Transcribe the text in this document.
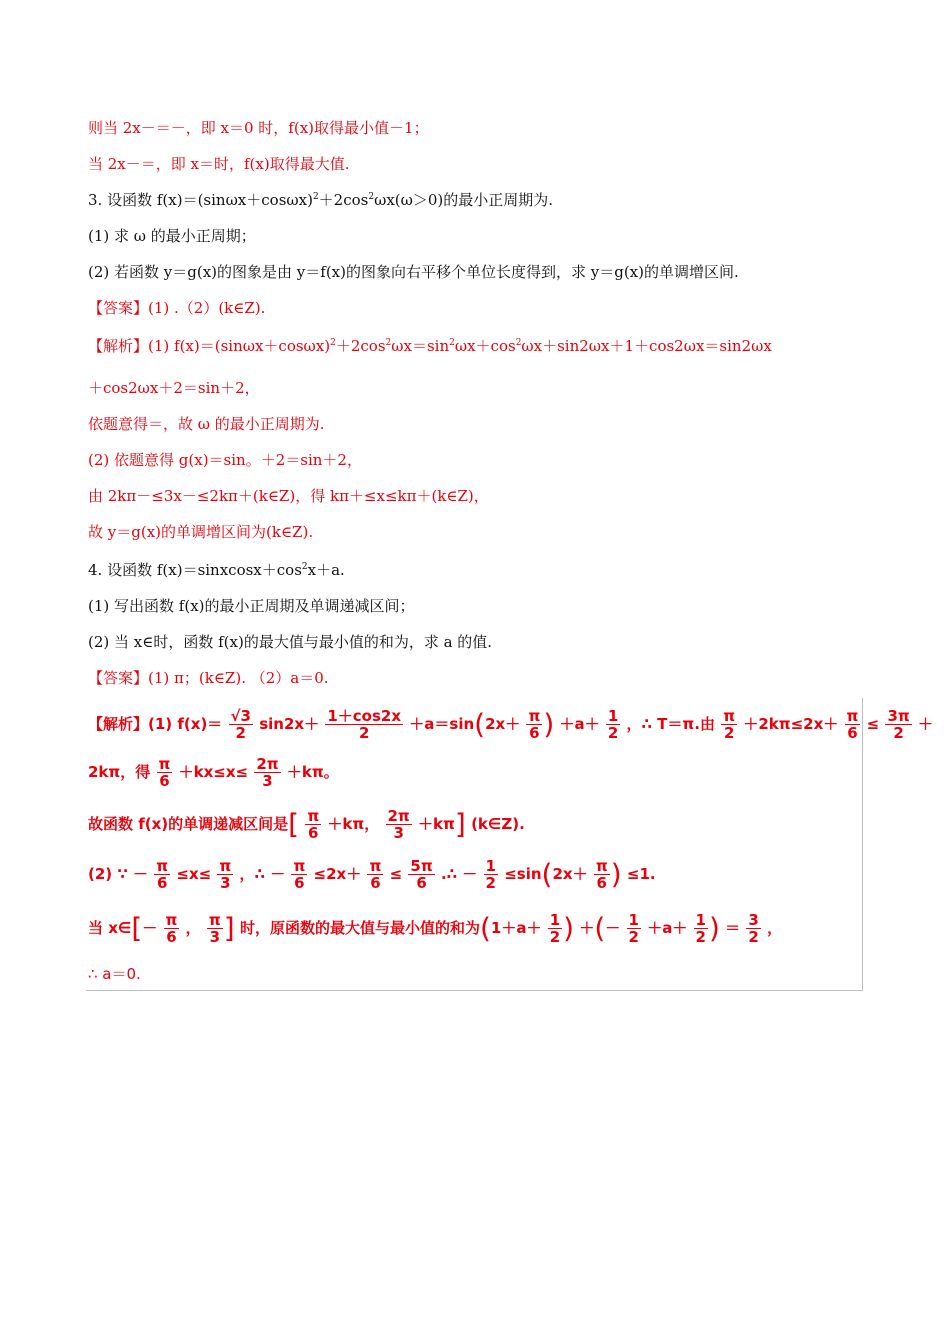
则当 2x－＝－，即 x＝0 时，f(x)取得最小值－1；
当 2x－＝，即 x＝时，f(x)取得最大值.
3. 设函数 $f(x)=(\sin\omega x+\cos\omega x)^2+2\cos^2\omega x(\omega>0)$的最小正周期为.
(1) 求 ω 的最小正周期；
(2) 若函数 y＝g(x)的图象是由 y＝f(x)的图象向右平移个单位长度得到，求 y＝g(x)的单调增区间.
【答案】(1) .（2）(k∈Z).
【解析】(1) $f(x)=(\sin\omega x+\cos\omega x)^2+2\cos^2\omega x=\sin^2\omega x+\cos^2\omega x+\sin 2\omega x+1+\cos 2\omega x=\sin 2\omega x$
＋cos2ωx＋2＝sin＋2，
依题意得＝，故 ω 的最小正周期为.
(2) 依题意得 g(x)＝sin。＋2＝sin＋2，
由 2kπ－≤3x－≤2kπ＋(k∈Z)，得 kπ＋≤x≤kπ＋(k∈Z)，
故 y＝g(x)的单调增区间为(k∈Z).
4. 设函数 $f(x)=sinxcosx+\cos^2x+a$.
(1) 写出函数 f(x)的最小正周期及单调递减区间；
(2) 当 x∈时，函数 f(x)的最大值与最小值的和为，求 a 的值.
【答案】(1) π；(k∈Z). （2）a＝0.
【解析】(1) $f(x)= \frac{√3}{2} \sin 2x+ \frac{1+\cos 2x}{2} +a=\sin(2x+ \frac{\pi}{6}$ ) $+a+ \frac{1}{2}$ ，∴ T＝π.由 $\frac{\pi}{2} +2k\pi\le 2x+ \frac{\pi}{6} \le \frac{3\pi}{2}$ ＋
2kπ，得 $\frac{\pi}{6} +kx\le x\le \frac{2\pi}{3} +k\pi$。
故函数 f(x)的单调递减区间是[ $\frac{\pi}{6} +k\pi$， $\frac{2\pi}{3} +k\pi$] (k∈Z).
(2) ∵ － $\frac{\pi}{6} \le x\le \frac{\pi}{3}$ ，∴ － $\frac{\pi}{6} \le 2x+ \frac{\pi}{6} \le \frac{5\pi}{6}$ .∴ － $\frac{1}{2} \le\sin(2x+ \frac{\pi}{6}$ ) ≤1.
当 x∈[－ $\frac{\pi}{6}$ ， $\frac{\pi}{3}$ ] 时，原函数的最大值与最小值的和为($1+a+ \frac{1}{2}$ ) ＋(－ $\frac{1}{2} +a+ \frac{1}{2}$ ) ＝ $\frac{3}{2}$ ，
∴ a＝0.
